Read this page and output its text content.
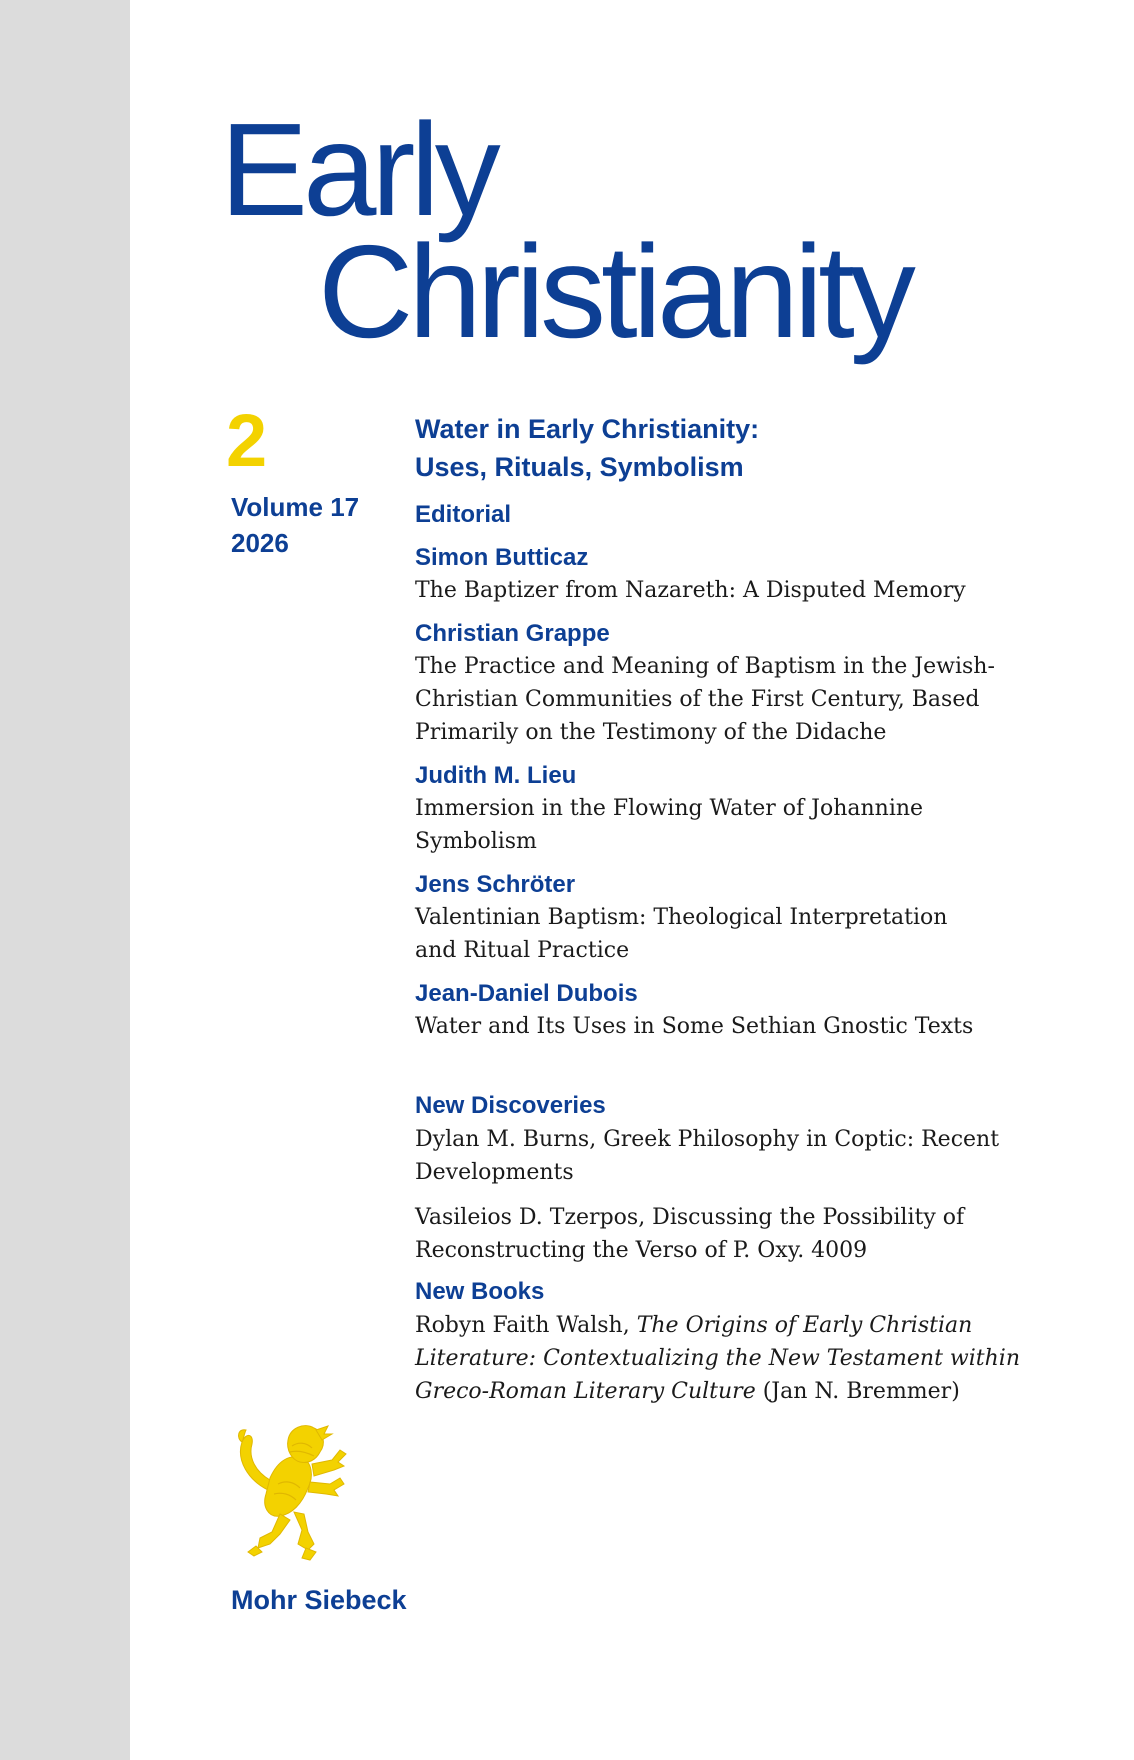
Early
Christianity
2
Volume 17
2026
Water in Early Christianity:
Uses, Rituals, Symbolism
Editorial
Simon Butticaz
The Baptizer from Nazareth: A Disputed Memory
Christian Grappe
The Practice and Meaning of Baptism in the Jewish-
Christian Communities of the First Century, Based
Primarily on the Testimony of the Didache
Judith M. Lieu
Immersion in the Flowing Water of Johannine
Symbolism
Jens Schröter
Valentinian Baptism: Theological Interpretation
and Ritual Practice
Jean-Daniel Dubois
Water and Its Uses in Some Sethian Gnostic Texts
New Discoveries
Dylan M. Burns, Greek Philosophy in Coptic: Recent
Developments
Vasileios D. Tzerpos, Discussing the Possibility of
Reconstructing the Verso of P. Oxy. 4009
New Books
Robyn Faith Walsh, The Origins of Early Christian
Literature: Contextualizing the New Testament within
Greco-Roman Literary Culture (Jan N. Bremmer)
Mohr Siebeck
